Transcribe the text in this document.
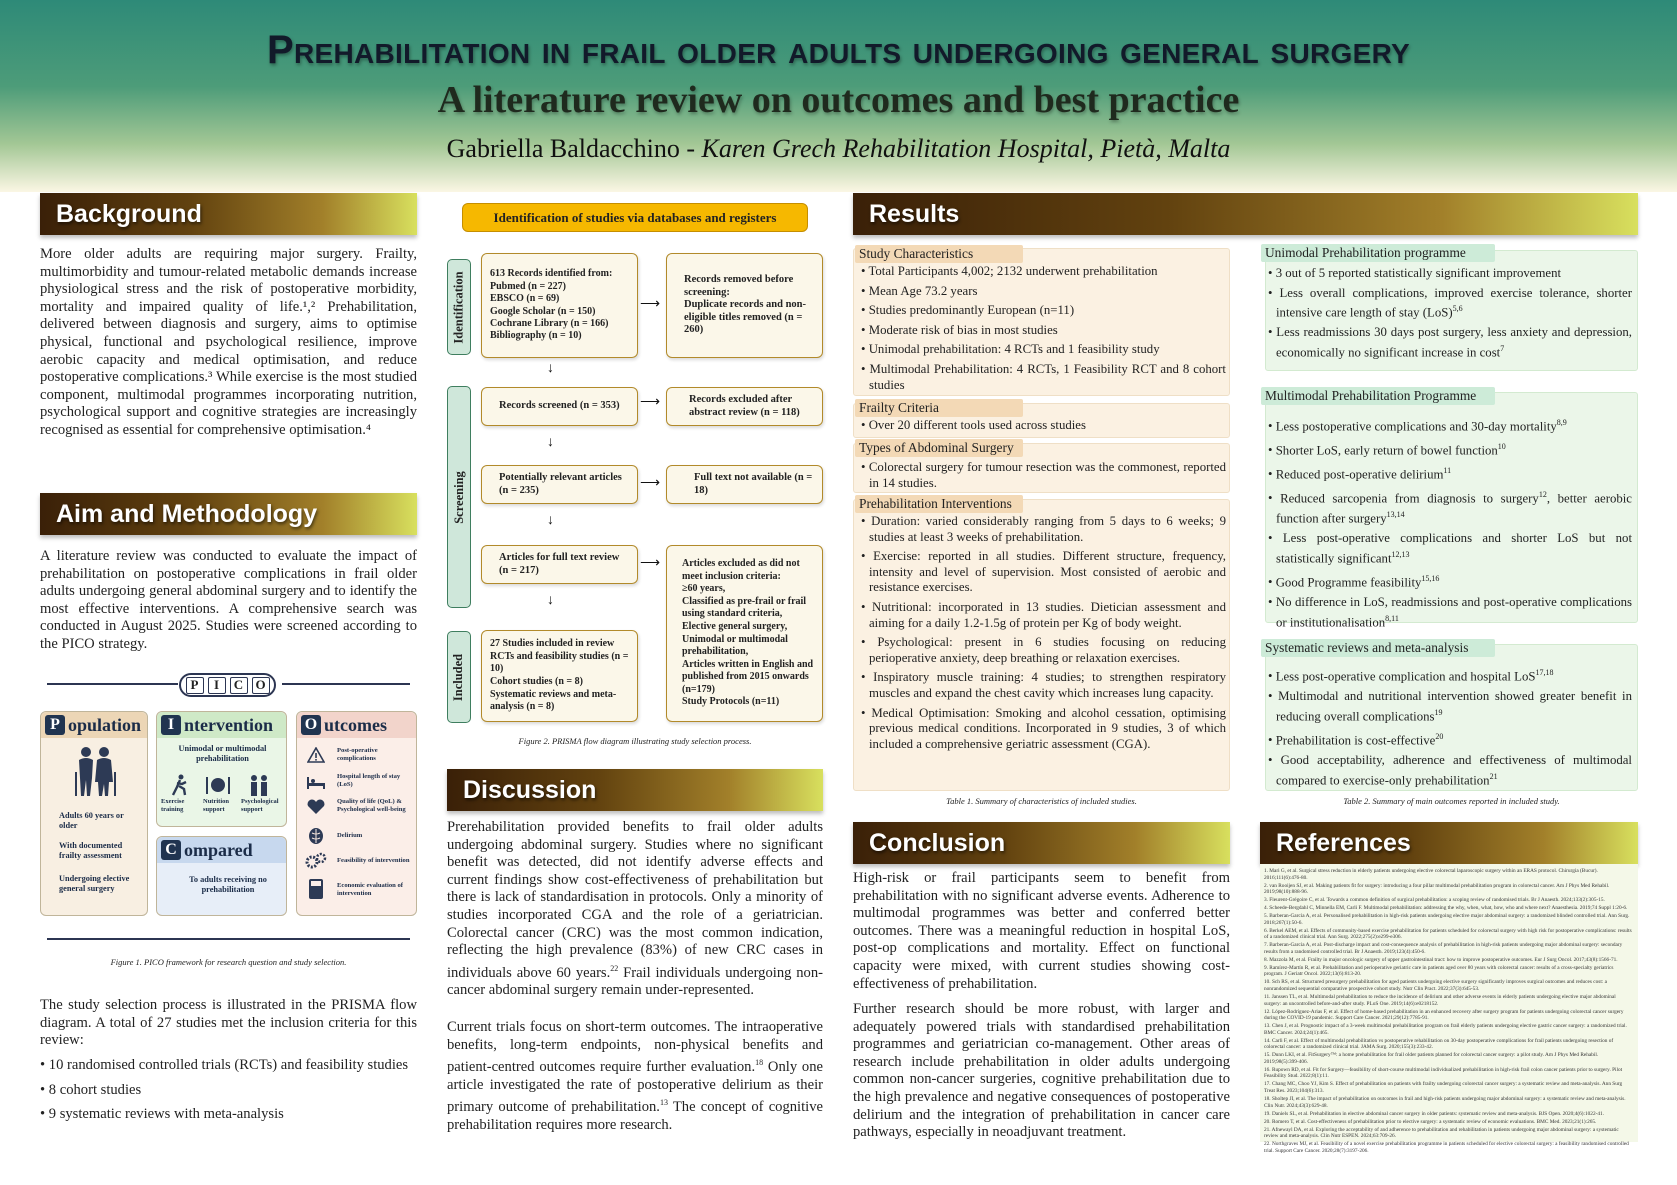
Prehabilitation in frail older adults undergoing general surgery
A literature review on outcomes and best practice
Gabriella Baldacchino - Karen Grech Rehabilitation Hospital, Pietà, Malta
Background
More older adults are requiring major surgery. Frailty, multimorbidity and tumour-related metabolic demands increase physiological stress and the risk of postoperative morbidity, mortality and impaired quality of life.¹,² Prehabilitation, delivered between diagnosis and surgery, aims to optimise physical, functional and psychological resilience, improve aerobic capacity and medical optimisation, and reduce postoperative complications.³ While exercise is the most studied component, multimodal programmes incorporating nutrition, psychological support and cognitive strategies are increasingly recognised as essential for comprehensive optimisation.⁴
Aim and Methodology
A literature review was conducted to evaluate the impact of prehabilitation on postoperative complications in frail older adults undergoing general abdominal surgery and to identify the most effective interventions. A comprehensive search was conducted in August 2025. Studies were screened according to the PICO strategy.
P	I	C O
P opulation
Adults 60 years or older
With documented frailty assessment
Undergoing elective general surgery
I ntervention
Unimodal or multimodal prehabilitation
Exercise training
Nutrition support
Psychological support
C ompared
To adults receiving no prehabilitation
O utcomes
Post-operative complications
Hospital length of stay (LoS)
Quality of life (QoL) & Psychological well-being
Delirium
Feasibility of intervention
Economic evaluation of intervention
Figure 1. PICO framework for research question and study selection.
The study selection process is illustrated in the PRISMA flow diagram. A total of 27 studies met the inclusion criteria for this review:
• 10 randomised controlled trials (RCTs) and feasibility studies
• 8 cohort studies
• 9 systematic reviews with meta-analysis
Identification of studies via databases and registers
Identification
Screening
Included
613 Records identified from:
Pubmed (n = 227)
EBSCO (n = 69)
Google Scholar (n = 150)
Cochrane Library (n = 166)
Bibliography (n = 10)
⟶
Records removed before screening:
Duplicate records and non-eligible titles removed (n = 260)
↓
Records screened (n = 353)	⟶	Records excluded after abstract review (n = 118)
↓
Potentially relevant articles (n = 235)	⟶	Full text not available (n = 18)
↓
Articles for full text review (n = 217)	⟶ Articles excluded as did not meet inclusion criteria:
≥60 years,
Classified as pre-frail or frail using standard criteria,
Elective general surgery,
Unimodal or multimodal prehabilitation,
Articles written in English and published from 2015 onwards (n=179)
Study Protocols (n=11)
↓
27 Studies included in review
RCTs and feasibility studies (n = 10)
Cohort studies (n = 8)
Systematic reviews and meta-analysis (n = 8)
Figure 2. PRISMA flow diagram illustrating study selection process.
Discussion
Prerehabilitation provided benefits to frail older adults undergoing abdominal surgery. Studies where no significant benefit was detected, did not identify adverse effects and current findings show cost-effectiveness of prehabilitation but there is lack of standardisation in protocols. Only a minority of studies incorporated CGA and the role of a geriatrician. Colorectal cancer (CRC) was the most common indication, reflecting the high prevalence (83%) of new CRC cases in individuals above 60 years.$^{22}$ Frail individuals undergoing non-cancer abdominal surgery remain under-represented.
Current trials focus on short-term outcomes. The intraoperative benefits, long-term endpoints, non-physical benefits and patient-centred outcomes require further evaluation.$^{18}$ Only one article investigated the rate of postoperative delirium as their primary outcome of prehabilitation.$^{13}$ The concept of cognitive prehabilitation requires more research.
Results
Study Characteristics
• Total Participants 4,002; 2132 underwent prehabilitation
• Mean Age 73.2 years
• Studies predominantly European (n=11)
• Moderate risk of bias in most studies
• Unimodal prehabilitation: 4 RCTs and 1 feasibility study
• Multimodal Prehabilitation: 4 RCTs, 1 Feasibility RCT and 8 cohort studies
Frailty Criteria
• Over 20 different tools used across studies
Types of Abdominal Surgery
• Colorectal surgery for tumour resection was the commonest, reported in 14 studies.
Prehabilitation Interventions
• Duration: varied considerably ranging from 5 days to 6 weeks; 9 studies at least 3 weeks of prehabilitation.
• Exercise: reported in all studies. Different structure, frequency, intensity and level of supervision. Most consisted of aerobic and resistance exercises.
• Nutritional: incorporated in 13 studies. Dietician assessment and aiming for a daily 1.2-1.5g of protein per Kg of body weight.
• Psychological: present in 6 studies focusing on reducing perioperative anxiety, deep breathing or relaxation exercises.
• Inspiratory muscle training: 4 studies; to strengthen respiratory muscles and expand the chest cavity which increases lung capacity.
• Medical Optimisation: Smoking and alcohol cessation, optimising previous medical conditions. Incorporated in 9 studies, 3 of which included a comprehensive geriatric assessment (CGA).
Table 1. Summary of characteristics of included studies.
Unimodal Prehabilitation programme
• 3 out of 5 reported statistically significant improvement
• Less overall complications, improved exercise tolerance, shorter intensive care length of stay (LoS)$^{5,6}$
• Less readmissions 30 days post surgery, less anxiety and depression, economically no significant increase in cost$^7$
Multimodal Prehabilitation Programme
• Less postoperative complications and 30-day mortality$^{8,9}$
• Shorter LoS, early return of bowel function$^{10}$
• Reduced post-operative delirium$^{11}$
• Reduced sarcopenia from diagnosis to surgery$^{12}$, better aerobic function after surgery$^{13,14}$
• Less post-operative complications and shorter LoS but not statistically significant$^{12,13}$
• Good Programme feasibility$^{15,16}$
• No difference in LoS, readmissions and post-operative complications or institutionalisation$^{8,11}$
Systematic reviews and meta-analysis
• Less post-operative complication and hospital LoS$^{17,18}$
• Multimodal and nutritional intervention showed greater benefit in reducing overall complications$^{19}$
• Prehabilitation is cost-effective$^{20}$
• Good acceptability, adherence and effectiveness of multimodal compared to exercise-only prehabilitation$^{21}$
Table 2. Summary of main outcomes reported in included study.
Conclusion
High-risk or frail participants seem to benefit from prehabilitation with no significant adverse events. Adherence to multimodal programmes was better and conferred better outcomes. There was a meaningful reduction in hospital LoS, post-op complications and mortality. Effect on functional capacity were mixed, with current studies showing cost-effectiveness of prehabilitation.
Further research should be more robust, with larger and adequately powered trials with standardised prehabilitation programmes and geriatrician co-management. Other areas of research include prehabilitation in older adults undergoing common non-cancer surgeries, cognitive prehabilitation due to the high prevalence and negative consequences of postoperative delirium and the integration of prehabilitation in cancer care pathways, especially in neoadjuvant treatment.
References
1. Mari G, et al. Surgical stress reduction in elderly patients undergoing elective colorectal laparoscopic surgery within an ERAS protocol. Chirurgia (Bucur). 2016;111(6):476-80.
2. van Rooijen SJ, et al. Making patients fit for surgery: introducing a four pillar multimodal prehabilitation program in colorectal cancer. Am J Phys Med Rehabil. 2019;98(10):888-96.
3. Fleurent-Grégoire C, et al. Towards a common definition of surgical prehabilitation: a scoping review of randomised trials. Br J Anaesth. 2024;133(2):305-15.
4. Scheede-Bergdahl C, Minnella EM, Carli F. Multimodal prehabilitation: addressing the why, when, what, how, who and where next? Anaesthesia. 2019;74 Suppl 1:20-6.
5. Barberan-Garcia A, et al. Personalised prehabilitation in high-risk patients undergoing elective major abdominal surgery: a randomized blinded controlled trial. Ann Surg. 2018;267(1):50-6.
6. Berkel AEM, et al. Effects of community-based exercise prehabilitation for patients scheduled for colorectal surgery with high risk for postoperative complications: results of a randomized clinical trial. Ann Surg. 2022;275(2):e299-e306.
7. Barberan-Garcia A, et al. Post-discharge impact and cost-consequence analysis of prehabilitation in high-risk patients undergoing major abdominal surgery: secondary results from a randomised controlled trial. Br J Anaesth. 2019;123(4):450-6.
8. Mazzola M, et al. Frailty in major oncologic surgery of upper gastrointestinal tract: how to improve postoperative outcomes. Eur J Surg Oncol. 2017;43(8):1566-71.
9. Ramírez-Martín R, et al. Prehabilitation and perioperative geriatric care in patients aged over 80 years with colorectal cancer: results of a cross-specialty geriatrics program. J Geriatr Oncol. 2022;13(6):813-20.
10. Sch RS, et al. Structured presurgery prehabilitation for aged patients undergoing elective surgery significantly improves surgical outcomes and reduces cost: a nonrandomized sequential comparative prospective cohort study. Nutr Clin Pract. 2022;37(3):645-53.
11. Janssen TL, et al. Multimodal prehabilitation to reduce the incidence of delirium and other adverse events in elderly patients undergoing elective major abdominal surgery: an uncontrolled before-and-after study. PLoS One. 2019;14(6):e0218152.
12. López-Rodríguez-Arias F, et al. Effect of home-based prehabilitation in an enhanced recovery after surgery program for patients undergoing colorectal cancer surgery during the COVID-19 pandemic. Support Care Cancer. 2021;29(12):7785-91.
13. Chen J, et al. Prognostic impact of a 3-week multimodal prehabilitation program on frail elderly patients undergoing elective gastric cancer surgery: a randomized trial. BMC Cancer. 2024;24(1):465.
14. Carli F, et al. Effect of multimodal prehabilitation vs postoperative rehabilitation on 30-day postoperative complications for frail patients undergoing resection of colorectal cancer: a randomized clinical trial. JAMA Surg. 2020;155(3):233-42.
15. Dunn LKI, et al. FitSurgery™: a home prehabilitation for frail older patients planned for colorectal cancer surgery: a pilot study. Am J Phys Med Rehabil. 2019;98(5):399-406.
16. Rupown RD, et al. Fit for Surgery—feasibility of short-course multimodal individualized prehabilitation in high-risk frail colon cancer patients prior to surgery. Pilot Feasibility Stud. 2022;8(1):11.
17. Chang MC, Choo YJ, Kim S. Effect of prehabilitation on patients with frailty undergoing colorectal cancer surgery: a systematic review and meta-analysis. Ann Surg Treat Res. 2023;104(6):313.
18. Sholtep JI, et al. The impact of prehabilitation on outcomes in frail and high-risk patients undergoing major abdominal surgery: a systematic review and meta-analysis. Clin Nutr. 2024;43(3):629-48.
19. Daniels SL, et al. Prehabilitation in elective abdominal cancer surgery in older patients: systematic review and meta-analysis. BJS Open. 2020;4(6):1022-41.
20. Romero T, et al. Cost-effectiveness of prehabilitation prior to elective surgery: a systematic review of economic evaluations. BMC Med. 2023;21(1):265.
21. Afnewayl DA, et al. Exploring the acceptability of and adherence to prehabilitation and rehabilitation in patients undergoing major abdominal surgery: a systematic review and meta-analysis. Clin Nutr ESPEN. 2024;63:709-26.
22. Northgraves MJ, et al. Feasibility of a novel exercise prehabilitation programme in patients scheduled for elective colorectal surgery: a feasibility randomised controlled trial. Support Care Cancer. 2020;28(7):3197-206.
